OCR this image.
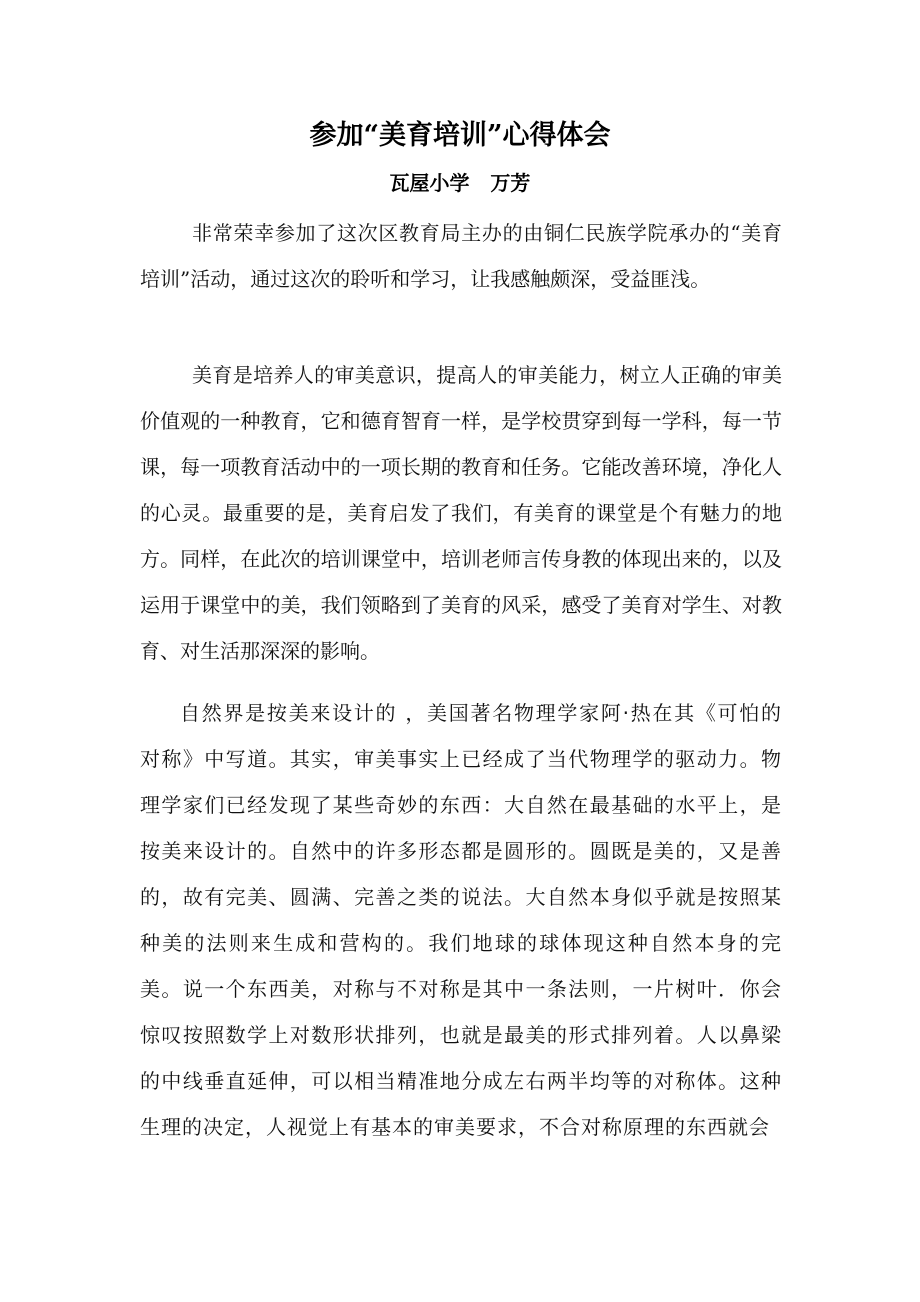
参加“美育培训”心得体会
瓦屋小学   万芳
非常荣幸参加了这次区教育局主办的由铜仁民族学院承办的“美育培训”活动，通过这次的聆听和学习，让我感触颇深，受益匪浅。
美育是培养人的审美意识，提高人的审美能力，树立人正确的审美价值观的一种教育，它和德育智育一样，是学校贯穿到每一学科，每一节课，每一项教育活动中的一项长期的教育和任务。它能改善环境，净化人的心灵。最重要的是，美育启发了我们，有美育的课堂是个有魅力的地方。同样，在此次的培训课堂中，培训老师言传身教的体现出来的，以及运用于课堂中的美，我们领略到了美育的风采，感受了美育对学生、对教育、对生活那深深的影响。
自然界是按美来设计的 ，美国著名物理学家阿·热在其《可怕的对称》中写道。其实，审美事实上已经成了当代物理学的驱动力。物理学家们已经发现了某些奇妙的东西：大自然在最基础的水平上，是按美来设计的。自然中的许多形态都是圆形的。圆既是美的，又是善的，故有完美、圆满、完善之类的说法。大自然本身似乎就是按照某种美的法则来生成和营构的。我们地球的球体现这种自然本身的完美。说一个东西美，对称与不对称是其中一条法则，一片树叶．你会惊叹按照数学上对数形状排列，也就是最美的形式排列着。人以鼻梁的中线垂直延伸，可以相当精准地分成左右两半均等的对称体。这种生理的决定，人视觉上有基本的审美要求，不合对称原理的东西就会
